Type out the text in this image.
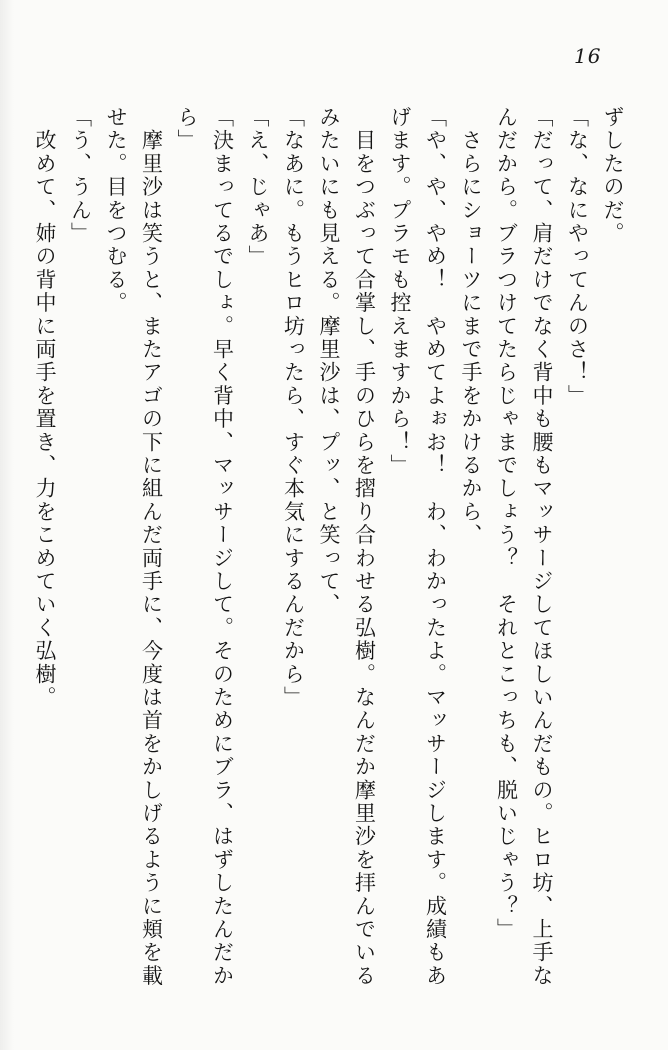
16
ずしたのだ。
「な、なにやってんのさ！」
「だって、肩だけでなく背中も腰もマッサージしてほしいんだもの。ヒロ坊、上手な
んだから。ブラつけてたらじゃまでしょう？　それとこっちも、脱いじゃう？」
　さらにショーツにまで手をかけるから、
「や、や、やめ！　やめてよぉお！　わ、わかったよ。マッサージします。成績もあ
げます。プラモも控えますから！」
　目をつぶって合掌し、手のひらを摺り合わせる弘樹。なんだか摩里沙を拝んでいる
みたいにも見える。摩里沙は、プッ、と笑って、
「なあに。もうヒロ坊ったら、すぐ本気にするんだから」
「え、じゃあ」
「決まってるでしょ。早く背中、マッサージして。そのためにブラ、はずしたんだか
ら」
　摩里沙は笑うと、またアゴの下に組んだ両手に、今度は首をかしげるように頬を載
せた。目をつむる。
「う、うん」
　改めて、姉の背中に両手を置き、力をこめていく弘樹。
